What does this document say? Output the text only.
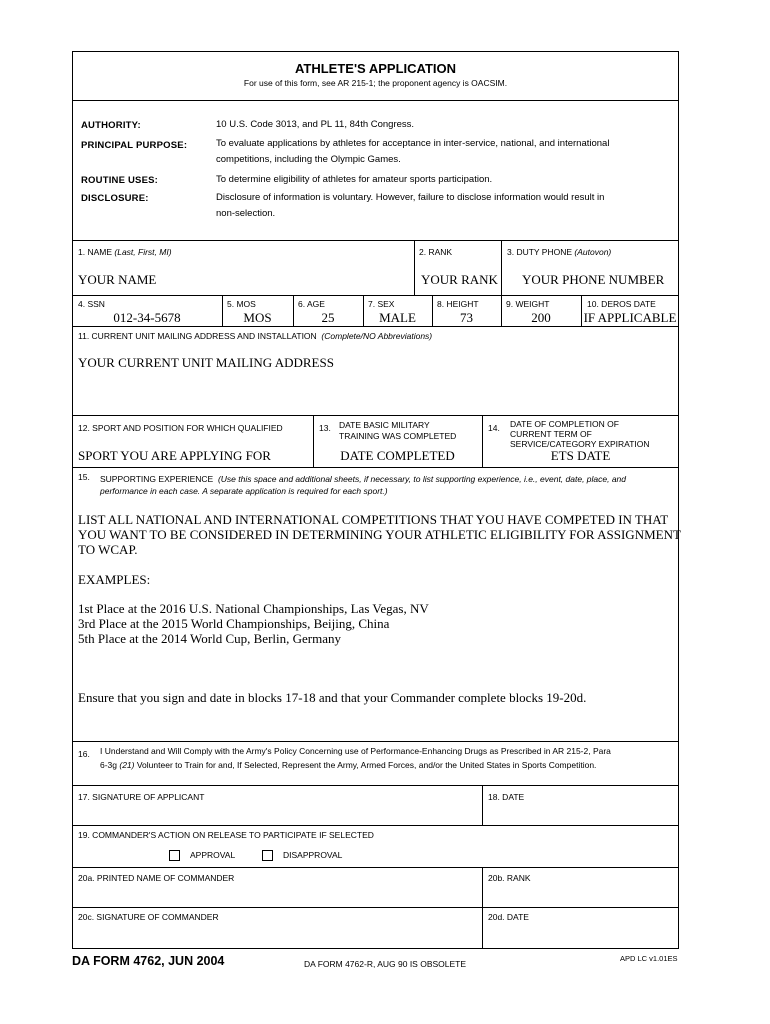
ATHLETE'S APPLICATION
For use of this form, see AR 215-1; the proponent agency is OACSIM.
AUTHORITY:	10 U.S. Code 3013, and PL 11, 84th Congress.
PRINCIPAL PURPOSE:	To evaluate applications by athletes for acceptance in inter-service, national, and international
competitions, including the Olympic Games.
ROUTINE USES:	To determine eligibility of athletes for amateur sports participation.
DISCLOSURE:	Disclosure of information is voluntary. However, failure to disclose information would result in
non-selection.
1. NAME (Last, First, MI)
YOUR NAME
2. RANK
YOUR RANK
3. DUTY PHONE (Autovon)
YOUR PHONE NUMBER
4. SSN
012-34-5678
5. MOS
MOS
6. AGE
25
7. SEX
MALE
8. HEIGHT
73
9. WEIGHT
200
10. DEROS DATE
IF APPLICABLE
11. CURRENT UNIT MAILING ADDRESS AND INSTALLATION (Complete/NO Abbreviations)
YOUR CURRENT UNIT MAILING ADDRESS
12. SPORT AND POSITION FOR WHICH QUALIFIED
SPORT YOU ARE APPLYING FOR
13. DATE BASIC MILITARY
TRAINING WAS COMPLETED
DATE COMPLETED
14. DATE OF COMPLETION OF
CURRENT TERM OF
SERVICE/CATEGORY EXPIRATION
ETS DATE
15. SUPPORTING EXPERIENCE (Use this space and additional sheets, if necessary, to list supporting experience, i.e., event, date, place, and
performance in each case. A separate application is required for each sport.)
LIST ALL NATIONAL AND INTERNATIONAL COMPETITIONS THAT YOU HAVE COMPETED IN THAT
YOU WANT TO BE CONSIDERED IN DETERMINING YOUR ATHLETIC ELIGIBILITY FOR ASSIGNMENT
TO WCAP.
EXAMPLES:
1st Place at the 2016 U.S. National Championships, Las Vegas, NV
3rd Place at the 2015 World Championships, Beijing, China
5th Place at the 2014 World Cup, Berlin, Germany
Ensure that you sign and date in blocks 17-18 and that your Commander complete blocks 19-20d.
16. I Understand and Will Comply with the Army's Policy Concerning use of Performance-Enhancing Drugs as Prescribed in AR 215-2, Para
6-3g (21) Volunteer to Train for and, If Selected, Represent the Army, Armed Forces, and/or the United States in Sports Competition.
17. SIGNATURE OF APPLICANT	18. DATE
19. COMMANDER'S ACTION ON RELEASE TO PARTICIPATE IF SELECTED
APPROVAL	DISAPPROVAL
20a. PRINTED NAME OF COMMANDER	20b. RANK
20c. SIGNATURE OF COMMANDER	20d. DATE
DA FORM 4762, JUN 2004	DA FORM 4762-R, AUG 90 IS OBSOLETE
APD LC v1.01ES
